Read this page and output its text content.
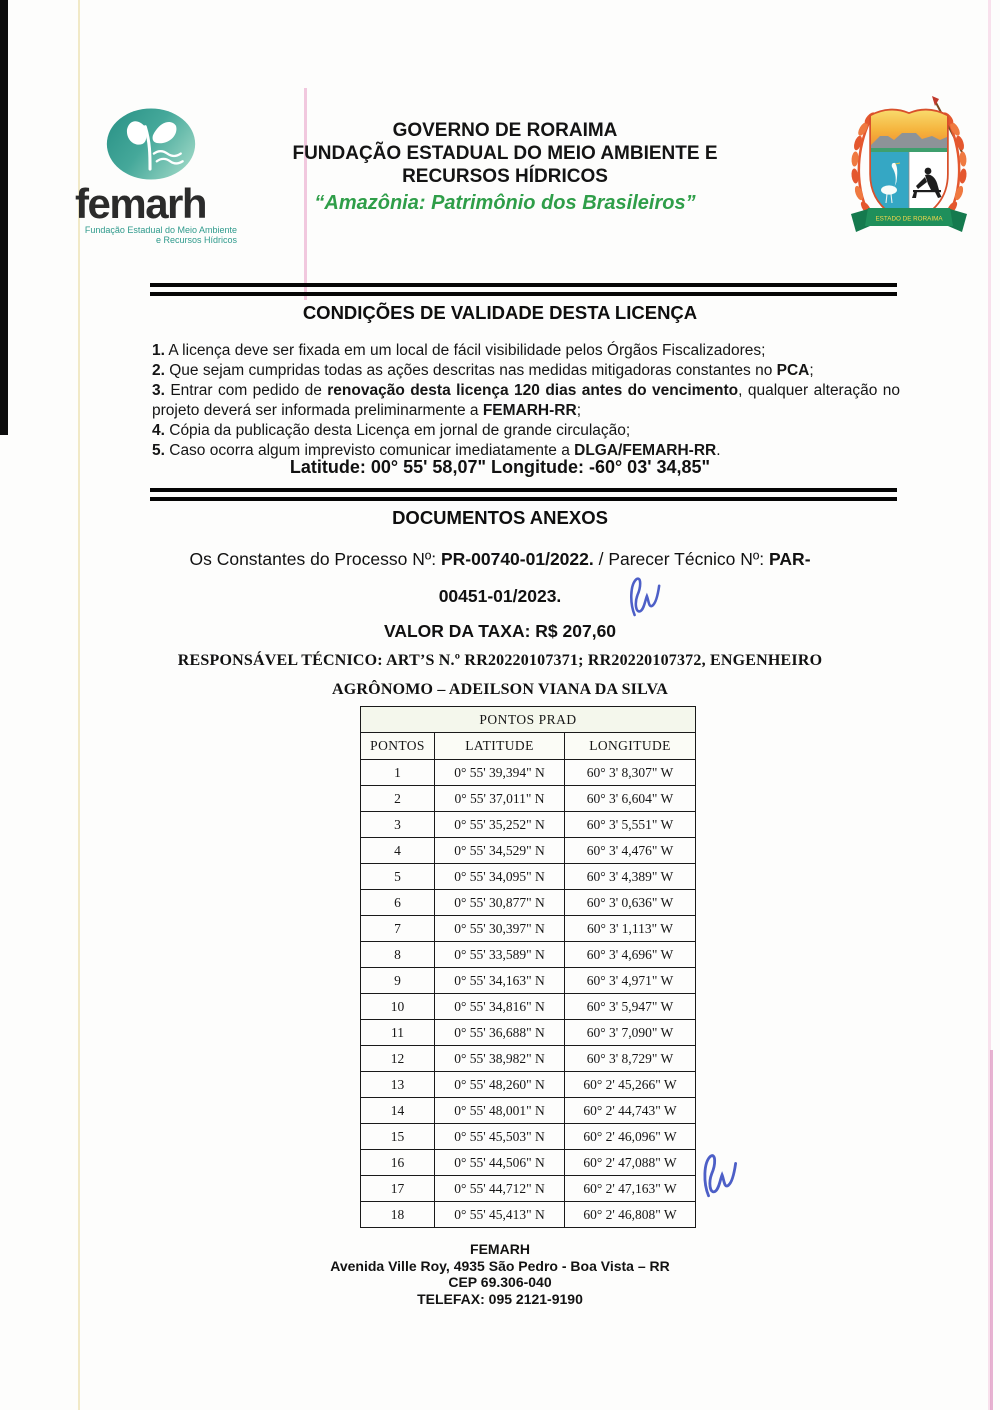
femarh
Fundação Estadual do Meio Ambiente
e Recursos Hídricos
GOVERNO DE RORAIMA
FUNDAÇÃO ESTADUAL DO MEIO AMBIENTE E
RECURSOS HÍDRICOS
“Amazônia: Patrimônio dos Brasileiros”
ESTADO DE RORAIMA
CONDIÇÕES DE VALIDADE DESTA LICENÇA
1. A licença deve ser fixada em um local de fácil visibilidade pelos Órgãos Fiscalizadores;
2. Que sejam cumpridas todas as ações descritas nas medidas mitigadoras constantes no PCA;
3. Entrar com pedido de renovação desta licença 120 dias antes do vencimento, qualquer alteração no projeto deverá ser informada preliminarmente a FEMARH-RR;
4. Cópia da publicação desta Licença em jornal de grande circulação;
5. Caso ocorra algum imprevisto comunicar imediatamente a DLGA/FEMARH-RR.
Latitude: 00° 55' 58,07" Longitude: -60° 03' 34,85"
DOCUMENTOS ANEXOS
Os Constantes do Processo Nº: PR-00740-01/2022. / Parecer Técnico Nº: PAR-
00451-01/2023.
VALOR DA TAXA: R$ 207,60
RESPONSÁVEL TÉCNICO: ART’S N.º RR20220107371; RR20220107372, ENGENHEIRO
AGRÔNOMO – ADEILSON VIANA DA SILVA
PONTOS PRAD		
PONTOS	LATITUDE	LONGITUDE
1	0° 55' 39,394" N	60° 3' 8,307" W
2	0° 55' 37,011" N	60° 3' 6,604" W
3	0° 55' 35,252" N	60° 3' 5,551" W
4	0° 55' 34,529" N	60° 3' 4,476" W
5	0° 55' 34,095" N	60° 3' 4,389" W
6	0° 55' 30,877" N	60° 3' 0,636" W
7	0° 55' 30,397" N	60° 3' 1,113" W
8	0° 55' 33,589" N	60° 3' 4,696" W
9	0° 55' 34,163" N	60° 3' 4,971" W
10	0° 55' 34,816" N	60° 3' 5,947" W
11	0° 55' 36,688" N	60° 3' 7,090" W
12	0° 55' 38,982" N	60° 3' 8,729" W
13	0° 55' 48,260" N	60° 2' 45,266" W
14	0° 55' 48,001" N	60° 2' 44,743" W
15	0° 55' 45,503" N	60° 2' 46,096" W
16	0° 55' 44,506" N	60° 2' 47,088" W
17	0° 55' 44,712" N	60° 2' 47,163" W
18	0° 55' 45,413" N	60° 2' 46,808" W
FEMARH
Avenida Ville Roy, 4935 São Pedro - Boa Vista – RR
CEP 69.306-040
TELEFAX: 095 2121-9190
